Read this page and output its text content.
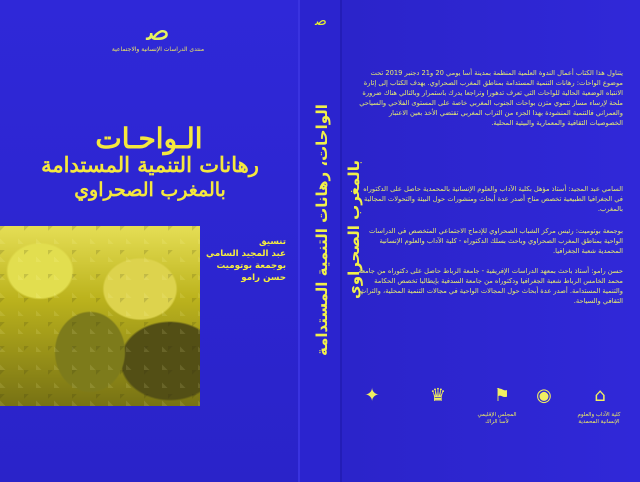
ﺻ
منتدى الدراسات الإنسانية والاجتماعية
الـواحـات
رهانات التنمية المستدامة
بالمغرب الصحراوي
تنسيق
عبد المجيد السامي
بوجمعة بوتوميت
حسن رامو
ﺻ
الواحات، رهانات التنمية المستدامة بالمغرب الصحراوي
يتناول هذا الكتاب أعمال الندوة العلمية المنظمة بمدينة أسا يومي 20 و21 دجنبر 2019 تحت موضوع الواحات: رهانات التنمية المستدامة بمناطق المغرب الصحراوي. يهدف الكتاب إلى إثارة الانتباه الوضعية الحالية للواحات التي تعرف تدهورا وتراجعا يدرك باستمرار وبالتالي هناك ضرورة ملحة لإرساء مسار تنموي متزن بواحات الجنوب المغربي خاصة على المستوى الفلاحي والسياحي والعمراني فالتنمية المنشودة بهذا الجزء من التراب المغربي تقتضي الأخذ بعين الاعتبار الخصوصيات الثقافية والمعمارية والبيئية المحلية.
السامي عبد المجيد: أستاذ مؤهل بكلية الآداب والعلوم الإنسانية بالمحمدية حاصل على الدكتوراه في الجغرافيا الطبيعية تخصص مناخ أصدر عدة أبحاث ومنشورات حول البيئة والتحولات المجالية بالمغرب.
بوجمعة بوتوميت: رئيس مركز الشباب الصحراوي للإدماج الاجتماعي المتخصص في الدراسات الواحية بمناطق المغرب الصحراوي وباحث بسلك الدكتوراه - كلية الآداب والعلوم الإنسانية المحمدية شعبة الجغرافيا.
حسن رامو: أستاذ باحث بمعهد الدراسات الإفريقية - جامعة الرباط حاصل على دكتوراه من جامعة محمد الخامس الرباط شعبة الجغرافيا ودكتوراه من جامعة السدفية بإيطاليا تخصص الحكامة والتنمية المستدامة. أصدر عدة أبحاث حول المجالات الواحية في مجالات التنمية المحلية، والتراث الثقافي والسياحة.
✦	♛	⚑ ◉	⌂
المجلس الإقليمي لأسا الزاك
كلية الآداب والعلوم الإنسانية المحمدية
